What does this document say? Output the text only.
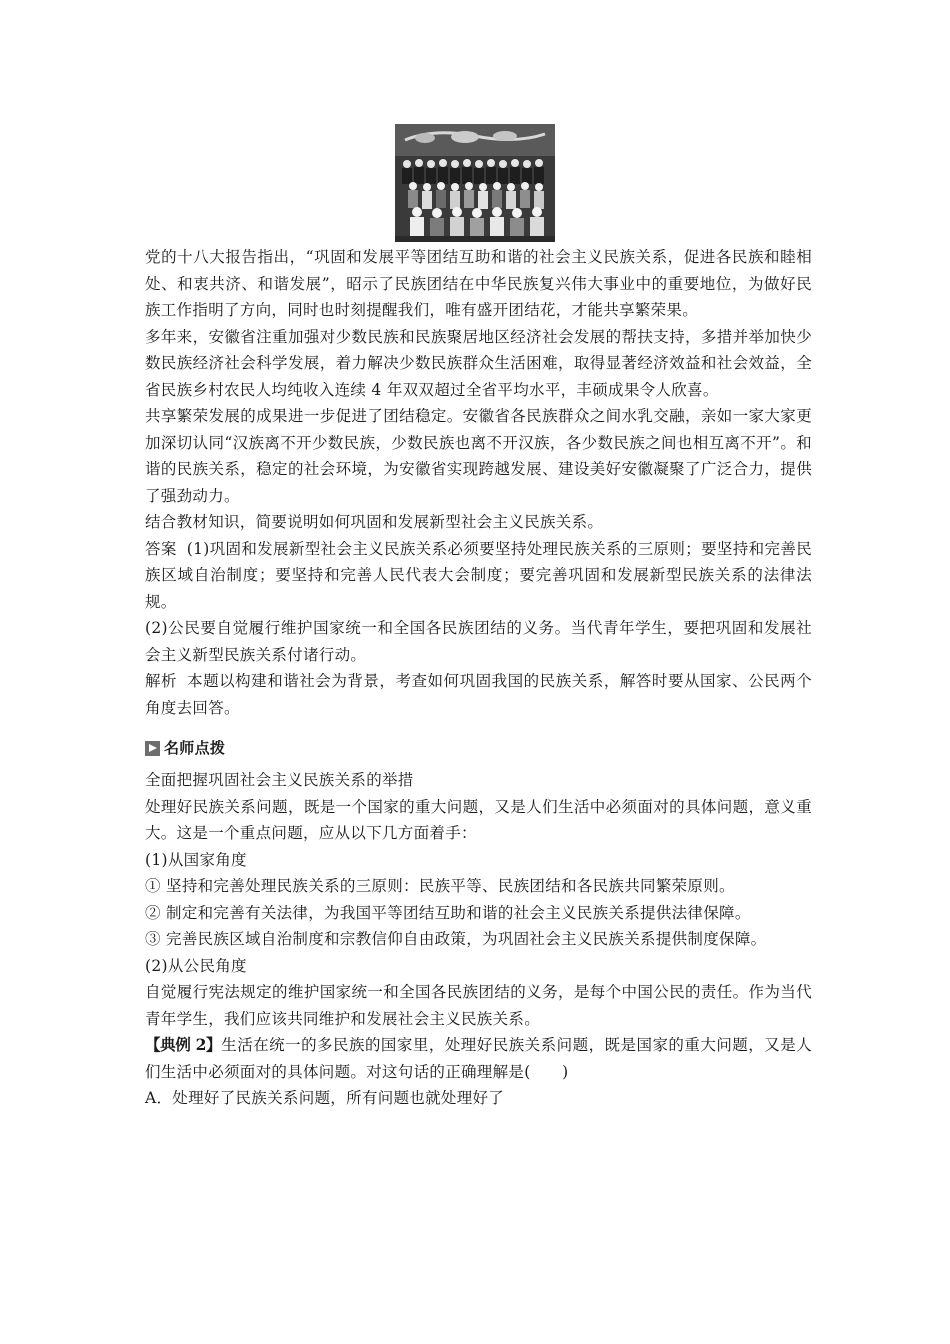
党的十八大报告指出，“巩固和发展平等团结互助和谐的社会主义民族关系，促进各民族和睦相处、和衷共济、和谐发展”，昭示了民族团结在中华民族复兴伟大事业中的重要地位，为做好民族工作指明了方向，同时也时刻提醒我们，唯有盛开团结花，才能共享繁荣果。

多年来，安徽省注重加强对少数民族和民族聚居地区经济社会发展的帮扶支持，多措并举加快少数民族经济社会科学发展，着力解决少数民族群众生活困难，取得显著经济效益和社会效益，全省民族乡村农民人均纯收入连续 4 年双双超过全省平均水平，丰硕成果令人欣喜。

共享繁荣发展的成果进一步促进了团结稳定。安徽省各民族群众之间水乳交融，亲如一家大家更加深切认同“汉族离不开少数民族，少数民族也离不开汉族，各少数民族之间也相互离不开”。和谐的民族关系，稳定的社会环境，为安徽省实现跨越发展、建设美好安徽凝聚了广泛合力，提供了强劲动力。

结合教材知识，简要说明如何巩固和发展新型社会主义民族关系。

答案 (1)巩固和发展新型社会主义民族关系必须要坚持处理民族关系的三原则；要坚持和完善民族区域自治制度；要坚持和完善人民代表大会制度；要完善巩固和发展新型民族关系的法律法规。

(2)公民要自觉履行维护国家统一和全国各民族团结的义务。当代青年学生，要把巩固和发展社会主义新型民族关系付诸行动。

解析 本题以构建和谐社会为背景，考查如何巩固我国的民族关系，解答时要从国家、公民两个角度去回答。

名师点拨

全面把握巩固社会主义民族关系的举措

处理好民族关系问题，既是一个国家的重大问题，又是人们生活中必须面对的具体问题，意义重大。这是一个重点问题，应从以下几方面着手：

(1)从国家角度

① 坚持和完善处理民族关系的三原则：民族平等、民族团结和各民族共同繁荣原则。

② 制定和完善有关法律，为我国平等团结互助和谐的社会主义民族关系提供法律保障。

③ 完善民族区域自治制度和宗教信仰自由政策，为巩固社会主义民族关系提供制度保障。

(2)从公民角度

自觉履行宪法规定的维护国家统一和全国各民族团结的义务，是每个中国公民的责任。作为当代青年学生，我们应该共同维护和发展社会主义民族关系。

【典例 2】生活在统一的多民族的国家里，处理好民族关系问题，既是国家的重大问题，又是人们生活中必须面对的具体问题。对这句话的正确理解是(　　)

A．处理好了民族关系问题，所有问题也就处理好了
